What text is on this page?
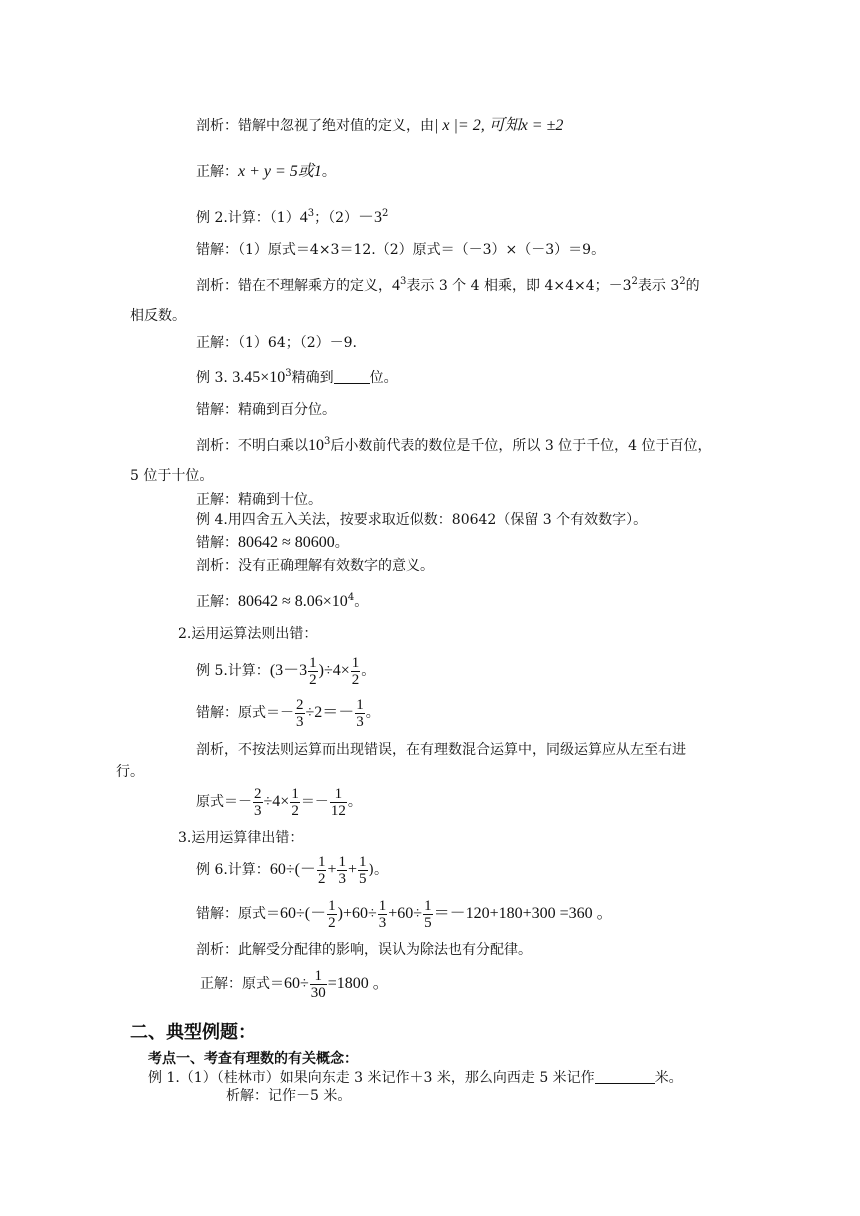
剖析：错解中忽视了绝对值的定义，由| x |= 2, 可知x = ±2
正解：x + y = 5或1。
例 2.计算：$(1)4^3$；$(2)-3^2$
错解：（1）原式＝4×3＝12.（2）原式＝（－3）×（－3）＝9。
剖析：错在不理解乘方的定义，$4^3$表示 3 个 4 相乘，即 4×4×4；$-3^2$表示 $3^2$的
相反数。
正解：（1）64；（2）－9.
例 3. $3.45\times 10^3$精确到	位。
错解：精确到百分位。
剖析：不明白乘以$10^3$后小数前代表的数位是千位，所以 3 位于千位，4 位于百位，
5 位于十位。
正解：精确到十位。
例 4.用四舍五入关法，按要求取近似数：80642（保留 3 个有效数字）。
错解：80642 ≈ 80600。
剖析：没有正确理解有效数字的意义。
正解：$80642 \approx 8.06\times 10^4$。
2.运用运算法则出错：
例 5.计算：$(3-3 \frac{1}{2} )\div 4\times \frac{1}{2}$ 。
错解：原式＝－ $\frac{2}{3} \div 2=- \frac{1}{3}$ 。
剖析，不按法则运算而出现错误，在有理数混合运算中，同级运算应从左至右进
行。
原式＝－ $\frac{2}{3} \div 4\times \frac{1}{2} =- \frac{1}{12}$ 。
3.运用运算律出错：
例 6.计算：$60\div(- \frac{1}{2} + \frac{1}{3} + \frac{1}{5}$ )。
错解：原式$=60\div(- \frac{1}{2} )+60\div \frac{1}{3} +60\div \frac{1}{5} =-120+180+300 =360$ 。
剖析：此解受分配律的影响，误认为除法也有分配律。
正解：原式$=60\div \frac{1}{30} =1800$ 。
二、典型例题：
考点一、考查有理数的有关概念：
例 1.（1）（桂林市）如果向东走 3 米记作＋3 米，那么向西走 5 米记作	米。
析解：记作－5 米。
